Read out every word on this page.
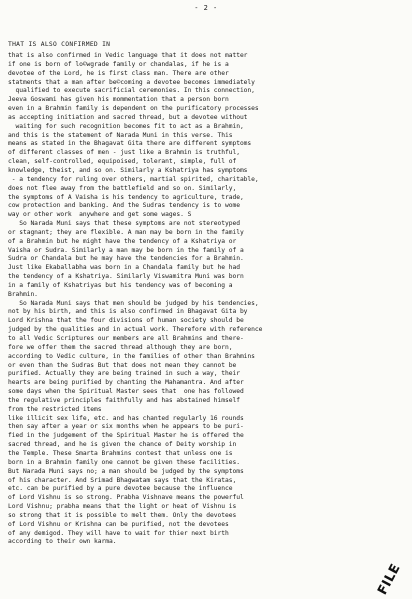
- 2 -
THAT IS ALSO CONFIRMED IN
that is also confirmed in Vedic language that it does not matter
if one is born of lo©wgrade family or chandalas, if he is a
devotee of the Lord, he is first class man. There are other
statments that a man after be©coming a devotee becomes immediately
qualified to execute sacrificial ceremonies. In this connection,
Jeeva Goswami has given his mommentation that a person born
even in a Brahmin family is dependent on the purificatory processes
as accepting initiation and sacred thread, but a devotee without
waiting for such recognition becomes fit to act as a Brahmin,
and this is the statement of Narada Muni in this verse. This
means as stated in the Bhagavat Gita there are different symptoms
of different classes of men - just like a Brahmin is truthful,
clean, self-controlled, equipoised, tolerant, simple, full of
knowledge, theist, and so on. Similarly a Kshatriya has symptoms
- a tendency for ruling over others, martial spirited, charitable,
does not flee away from the battlefield and so on. Similarly,
the symptoms of A Vaisha is his tendency to agriculture, trade,
cow protection and banking. And the Sudras tendency is to wome
way or other work  anywhere and get some wages. S
So Narada Muni says that these symptoms are not stereotyped
or stagnant; they are flexible. A man may be born in the family
of a Brahmin but he might have the tendency of a Kshatriya or
Vaisha or Sudra. Similarly a man may be born in the family of a
Sudra or Chandala but he may have the tendencies for a Brahmin.
Just like Ekaballabha was born in a Chandala family but he had
the tendency of a Kshatriya. Similarly Viswamitra Muni was born
in a family of Kshatriyas but his tendency was of becoming a
Brahmin.
So Narada Muni says that men should be judged by his tendencies,
not by his birth, and this is also confirmed in Bhagavat Gita by
Lord Krishna that the four divisions of human society should be
judged by the qualities and in actual work. Therefore with reference
to all Vedic Scriptures our members are all Brahmins and there-
fore we offer them the sacred thread although they are born,
according to Vedic culture, in the families of other than Brahmins
or even than the Sudras But that does not mean they cannot be
purified. Actually they are being trained in such a way, their
hearts are being purified by chanting the Mahamantra. And after
some days when the Spiritual Master sees that  one has followed
the regulative principles faithfully and has abstained himself
from the restricted items
like illicit sex life, etc. and has chanted regularly 16 rounds
then say after a year or six months when he appears to be puri-
fied in the judgement of the Spiritual Master he is offered the
sacred thread, and he is given the chance of Deity worship in
the Temple. These Smarta Brahmins contest that unless one is
born in a Brahmin family one cannot be given these facilities.
But Narada Muni says no; a man should be judged by the symptoms
of his character. And Srimad Bhagwatam says that the Kiratas,
etc. can be purified by a pure devotee because the influence
of Lord Vishnu is so strong. Prabha Vishnave means the powerful
Lord Vishnu; prabha means that the light or heat of Vishnu is
so strong that it is possible to melt them. Only the devotees
of Lord Vishnu or Krishna can be purified, not the devotees
of any demigod. They will have to wait for thier next birth
according to their own karma.
FILE
